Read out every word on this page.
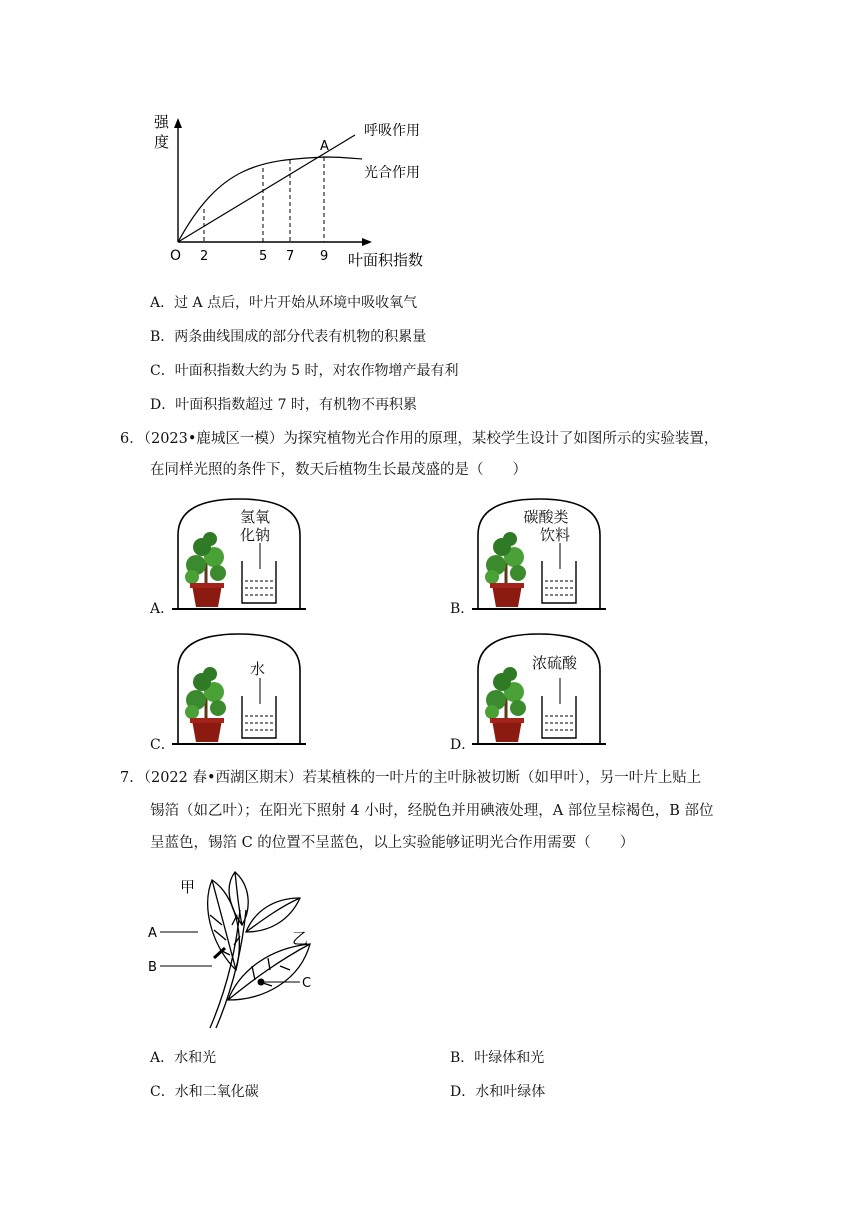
强
度
O 2	5 7 9 叶面积指数
A
呼吸作用
光合作用
A．过 A 点后，叶片开始从环境中吸收氧气
B．两条曲线围成的部分代表有机物的积累量
C．叶面积指数大约为 5 时，对农作物增产最有利
D．叶面积指数超过 7 时，有机物不再积累
6．（2023•鹿城区一模）为探究植物光合作用的原理，某校学生设计了如图所示的实验装置，
在同样光照的条件下，数天后植物生长最茂盛的是（　　）
A．
氢氧
化钠
B．
碳酸类
饮料
C．
水
D．
浓硫酸
7．（2022 春•西湖区期末）若某植株的一叶片的主叶脉被切断（如甲叶），另一叶片上贴上
锡箔（如乙叶）；在阳光下照射 4 小时，经脱色并用碘液处理，A 部位呈棕褐色，B 部位
呈蓝色，锡箔 C 的位置不呈蓝色，以上实验能够证明光合作用需要（　　）
甲
乙
A
B
C
A．水和光	B．叶绿体和光
C．水和二氧化碳	D．水和叶绿体
